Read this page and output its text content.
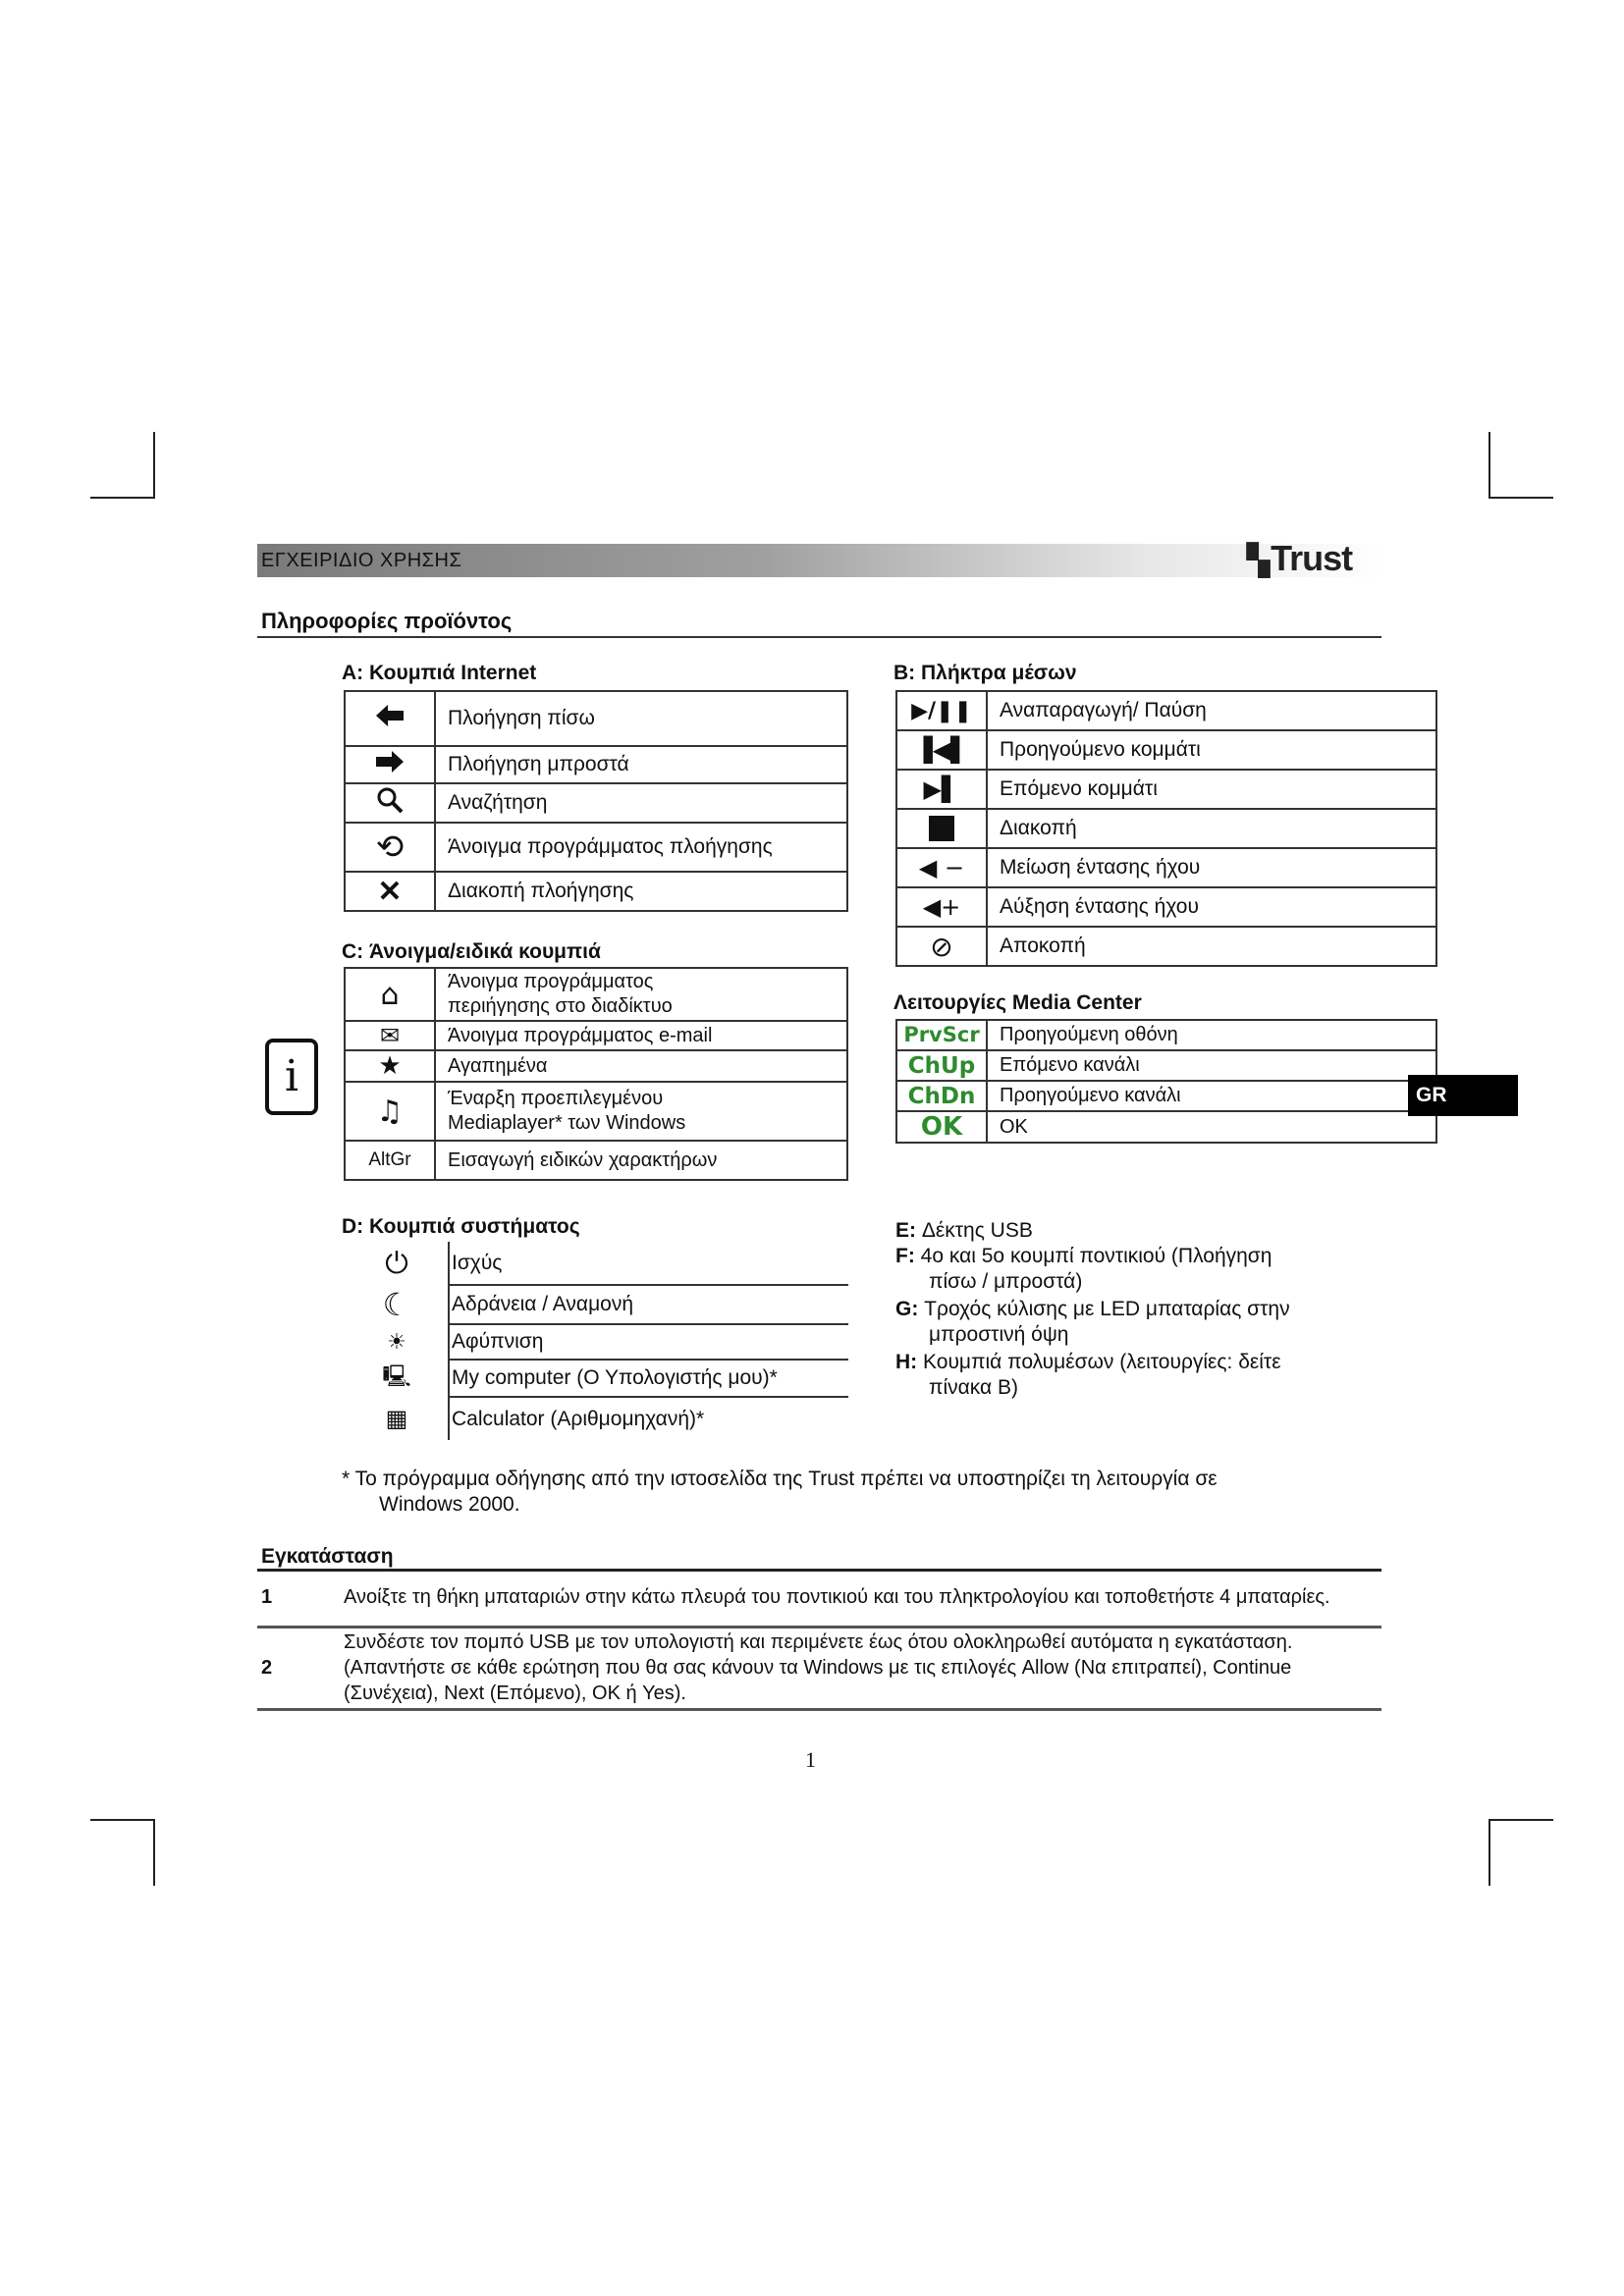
ΕΓΧΕΙΡΙΔΙΟ ΧΡΗΣΗΣ	▚Trust
Πληροφορίες προϊόντος
A: Κουμπιά Internet
	Πλοήγηση πίσω
	Πλοήγηση μπροστά
	Αναζήτηση
⟲	Άνοιγμα προγράμματος πλοήγησης
✕	Διακοπή πλοήγησης
B: Πλήκτρα μέσων
▶/❚❚	Αναπαραγωγή/ Παύση
▐◀▌	Προηγούμενο κομμάτι
▶▌	Επόμενο κομμάτι
	Διακοπή
◀ −	Μείωση έντασης ήχου
◀+	Αύξηση έντασης ήχου
⊘	Αποκοπή
C: Άνοιγμα/ειδικά κουμπιά
⌂	Άνοιγμα προγράμματος
περιήγησης στο διαδίκτυο

✉	Άνοιγμα προγράμματος e-mail
★	Αγαπημένα
♫	Έναρξη προεπιλεγμένου
Mediaplayer* των Windows

AltGr	Εισαγωγή ειδικών χαρακτήρων
Λειτουργίες Media Center
PrvScr	Προηγούμενη οθόνη
ChUp	Επόμενο κανάλι
ChDn	Προηγούμενο κανάλι
OK	OK
i	GR
D: Κουμπιά συστήματος
⏻	Ισχύς
☾	Αδράνεια / Αναμονή
☀	Αφύπνιση
🖳	My computer (Ο Υπολογιστής μου)*
▦	Calculator (Αριθμομηχανή)*
E: Δέκτης USB
F: 4ο και 5ο κουμπί ποντικιού (Πλοήγηση
πίσω / μπροστά)
G: Τροχός κύλισης με LED μπαταρίας στην
μπροστινή όψη
H: Κουμπιά πολυμέσων (λειτουργίες: δείτε
πίνακα B)
* Το πρόγραμμα οδήγησης από την ιστοσελίδα της Trust πρέπει να υποστηρίζει τη λειτουργία σε
Windows 2000.
Εγκατάσταση
1	Ανοίξτε τη θήκη μπαταριών στην κάτω πλευρά του ποντικιού και του πληκτρολογίου και τοποθετήστε 4 μπαταρίες.
2	Συνδέστε τον πομπό USB με τον υπολογιστή και περιμένετε έως ότου ολοκληρωθεί αυτόματα η εγκατάσταση. (Απαντήστε σε κάθε ερώτηση που θα σας κάνουν τα Windows με τις επιλογές Allow (Να επιτραπεί), Continue (Συνέχεια), Next (Επόμενο), OK ή Yes).
1
